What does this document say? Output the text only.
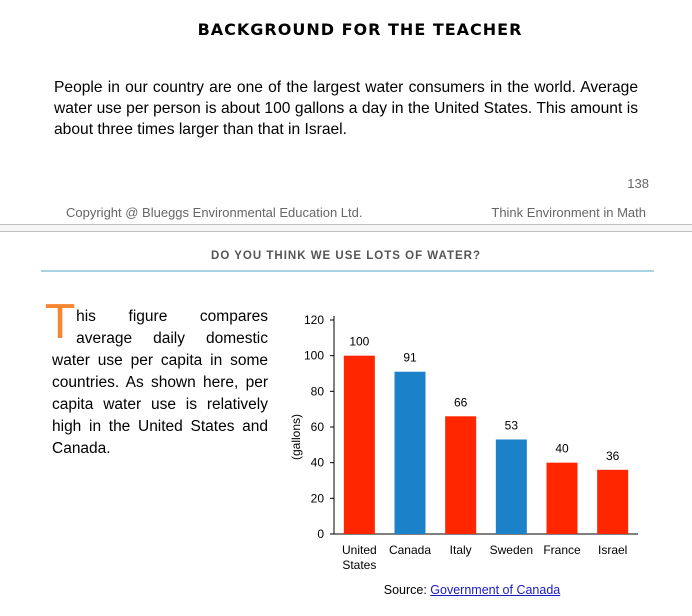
BACKGROUND FOR THE TEACHER
People in our country are one of the largest water consumers in the world. Average water use per person is about 100 gallons a day in the United States. This amount is about three times larger than that in Israel.
138
Copyright @ Blueggs Environmental Education Ltd.	Think Environment in Math
DO YOU THINK WE USE LOTS OF WATER?
This figure compares average daily domestic water use per capita in some countries. As shown here, per capita water use is relatively high in the United States and Canada.
0
20
40
60
80
100
120
(gallons)
100
United States
91
Canada
66
Italy
53
Sweden
40
France
36
Israel
Source: Government of Canada
